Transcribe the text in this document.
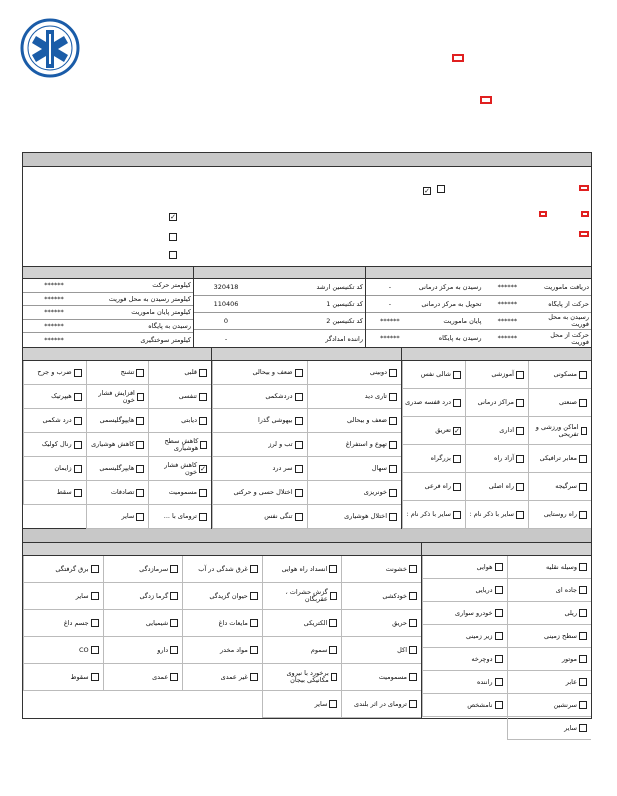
✓
✓
دریافت ماموریت
******
رسیدن به مرکز درمانی
-
حرکت از پایگاه
******
تحویل به مرکز درمانی
-
رسیدن به محل فوریت
******
پایان ماموریت
******
حرکت از محل فوریت
******
رسیدن به پایگاه
******
کد تکنیسین ارشد
320418
کد تکنیسین 1
110406
کد تکنیسین 2
0
راننده امدادگر
-
کیلومتر حرکت
******
کیلومتر رسیدن به محل فوریت
******
کیلومتر پایان ماموریت
******
رسیدن به پایگاه
******
کیلومتر سوختگیری
******
مسکونی
آموزشی
شالی نفس
صنعتی
مراکز درمانی
درد قفسه صدری
اماکن ورزشی و تفریحی
اداری
✓
تعریق
معابر ترافیکی
آزاد راه
بزرگراه
سرگیجه
راه اصلی
راه فرعی
راه روستایی
سایر با ذکر نام :
سایر با ذکر نام :
دوبینی
ضعف و بیحالی
تاری دید
دردشکمی
ضعف و بیحالی
بیهوشی گذرا
تهوع و استفراغ
تب و لرز
سهال
سر درد
خونریزی
اختلال حسی و حرکتی
اختلال هوشیاری
تنگی نفس
قلبی
تشنج
ضرب و جرح
تنفسی
افزایش فشار خون
هیپرتیک
دیابتی
هایپوگلیسمی
درد شکمی
کاهش سطح هوشیاری
کاهش هوشیاری
رنال کولیک
✓
کاهش فشار خون
هایپرگلیسمی
زایمان
مسمومیت
تصادفات
سقط
ترومای با ...
سایر
وسیله نقلیه
هوایی
جاده ای
دریایی
ریلی
خودرو سواری
سطح زمینی
زیر زمینی
موتور
دوچرخه
عابر
راننده
سرنشین
نامشخص
سایر
خشونت
انسداد راه هوایی
غرق شدگی در آب
سرمازدگی
برق گرفتگی
خودکشی
گزش حشرات ، عقربگان
حیوان گزیدگی
گرما زدگی
سایر
حریق
الکتریکی
مایعات داغ
شیمیایی
جسم داغ
اکل
سموم
مواد مخدر
دارو
CO
مسمومیت
برخورد با نیروی مکانیکی بیجان
غیر عمدی
عمدی
سقوط
ترومای در اثر بلندی
سایر
